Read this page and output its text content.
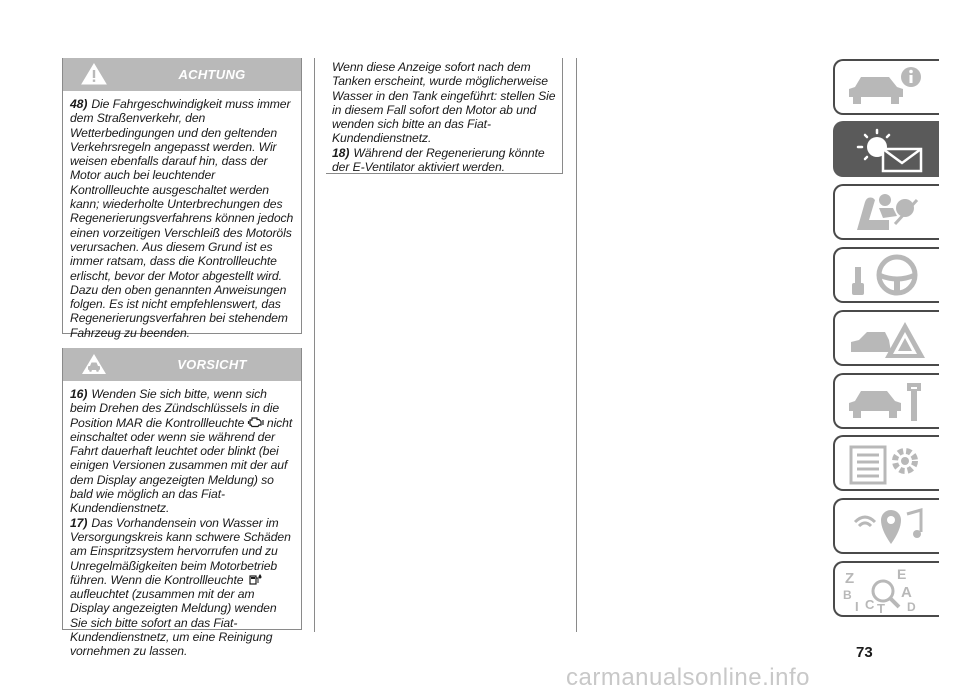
ACHTUNG

48) Die Fahrgeschwindigkeit muss immer dem Straßenverkehr, den Wetterbedingungen und den geltenden Verkehrsregeln angepasst werden. Wir weisen ebenfalls darauf hin, dass der Motor auch bei leuchtender Kontrollleuchte ausgeschaltet werden kann; wiederholte Unterbrechungen des Regenerierungsverfahrens können jedoch einen vorzeitigen Verschleiß des Motoröls verursachen. Aus diesem Grund ist es immer ratsam, dass die Kontrollleuchte erlischt, bevor der Motor abgestellt wird. Dazu den oben genannten Anweisungen folgen. Es ist nicht empfehlenswert, das Regenerierungsverfahren bei stehendem Fahrzeug zu beenden.

VORSICHT

16) Wenden Sie sich bitte, wenn sich beim Drehen des Zündschlüssels in die Position MAR die Kontrollleuchte nicht einschaltet oder wenn sie während der Fahrt dauerhaft leuchtet oder blinkt (bei einigen Versionen zusammen mit der auf dem Display angezeigten Meldung) so bald wie möglich an das Fiat-Kundendienstnetz.

17) Das Vorhandensein von Wasser im Versorgungskreis kann schwere Schäden am Einspritzsystem hervorrufen und zu Unregelmäßigkeiten beim Motorbetrieb führen. Wenn die Kontrollleuchte  aufleuchtet (zusammen mit der am Display angezeigten Meldung) wenden Sie sich bitte sofort an das Fiat-Kundendienstnetz, um eine Reinigung vornehmen zu lassen.

Wenn diese Anzeige sofort nach dem Tanken erscheint, wurde möglicherweise Wasser in den Tank eingeführt: stellen Sie in diesem Fall sofort den Motor ab und wenden sich bitte an das Fiat-Kundendienstnetz.

18) Während der Regenerierung könnte der E-Ventilator aktiviert werden.

Z	E
B	A
I C T D
73
carmanualsonline.info
